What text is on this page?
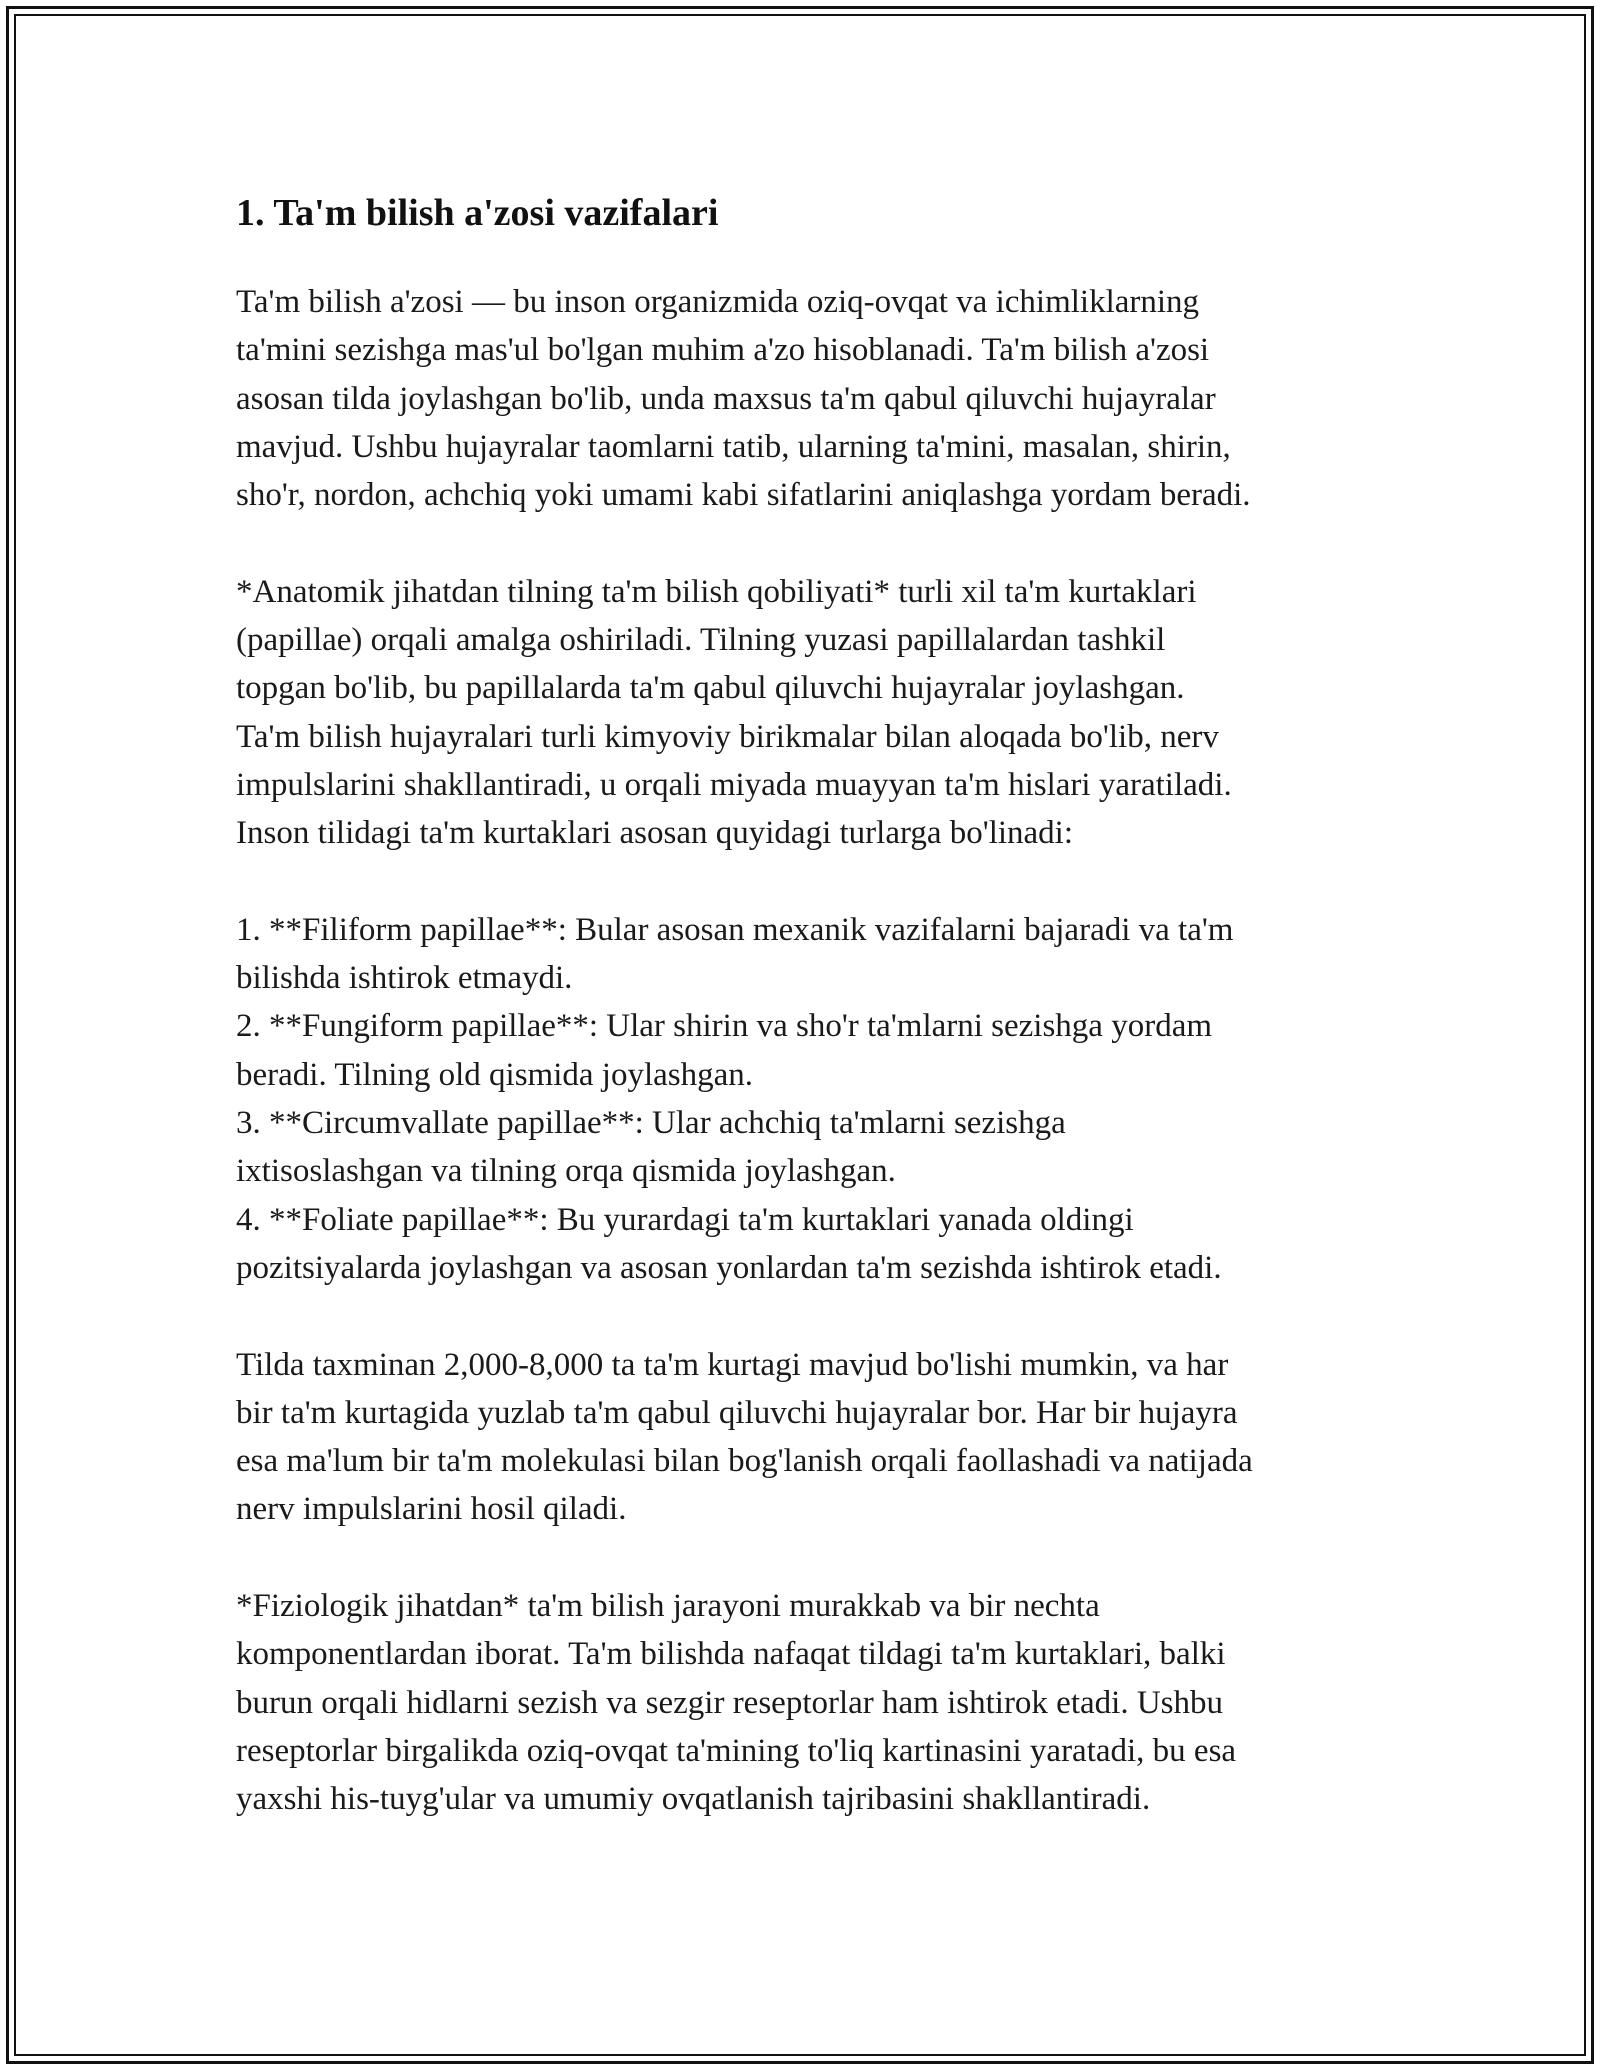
1. Ta'm bilish a'zosi vazifalari
Ta'm bilish a'zosi — bu inson organizmida oziq-ovqat va ichimliklarning
ta'mini sezishga mas'ul bo'lgan muhim a'zo hisoblanadi. Ta'm bilish a'zosi
asosan tilda joylashgan bo'lib, unda maxsus ta'm qabul qiluvchi hujayralar
mavjud. Ushbu hujayralar taomlarni tatib, ularning ta'mini, masalan, shirin,
sho'r, nordon, achchiq yoki umami kabi sifatlarini aniqlashga yordam beradi.
*Anatomik jihatdan tilning ta'm bilish qobiliyati* turli xil ta'm kurtaklari
(papillae) orqali amalga oshiriladi. Tilning yuzasi papillalardan tashkil
topgan bo'lib, bu papillalarda ta'm qabul qiluvchi hujayralar joylashgan.
Ta'm bilish hujayralari turli kimyoviy birikmalar bilan aloqada bo'lib, nerv
impulslarini shakllantiradi, u orqali miyada muayyan ta'm hislari yaratiladi.
Inson tilidagi ta'm kurtaklari asosan quyidagi turlarga bo'linadi:
1. **Filiform papillae**: Bular asosan mexanik vazifalarni bajaradi va ta'm
bilishda ishtirok etmaydi.
2. **Fungiform papillae**: Ular shirin va sho'r ta'mlarni sezishga yordam
beradi. Tilning old qismida joylashgan.
3. **Circumvallate papillae**: Ular achchiq ta'mlarni sezishga
ixtisoslashgan va tilning orqa qismida joylashgan.
4. **Foliate papillae**: Bu yurardagi ta'm kurtaklari yanada oldingi
pozitsiyalarda joylashgan va asosan yonlardan ta'm sezishda ishtirok etadi.
Tilda taxminan 2,000-8,000 ta ta'm kurtagi mavjud bo'lishi mumkin, va har
bir ta'm kurtagida yuzlab ta'm qabul qiluvchi hujayralar bor. Har bir hujayra
esa ma'lum bir ta'm molekulasi bilan bog'lanish orqali faollashadi va natijada
nerv impulslarini hosil qiladi.
*Fiziologik jihatdan* ta'm bilish jarayoni murakkab va bir nechta
komponentlardan iborat. Ta'm bilishda nafaqat tildagi ta'm kurtaklari, balki
burun orqali hidlarni sezish va sezgir reseptorlar ham ishtirok etadi. Ushbu
reseptorlar birgalikda oziq-ovqat ta'mining to'liq kartinasini yaratadi, bu esa
yaxshi his-tuyg'ular va umumiy ovqatlanish tajribasini shakllantiradi.
